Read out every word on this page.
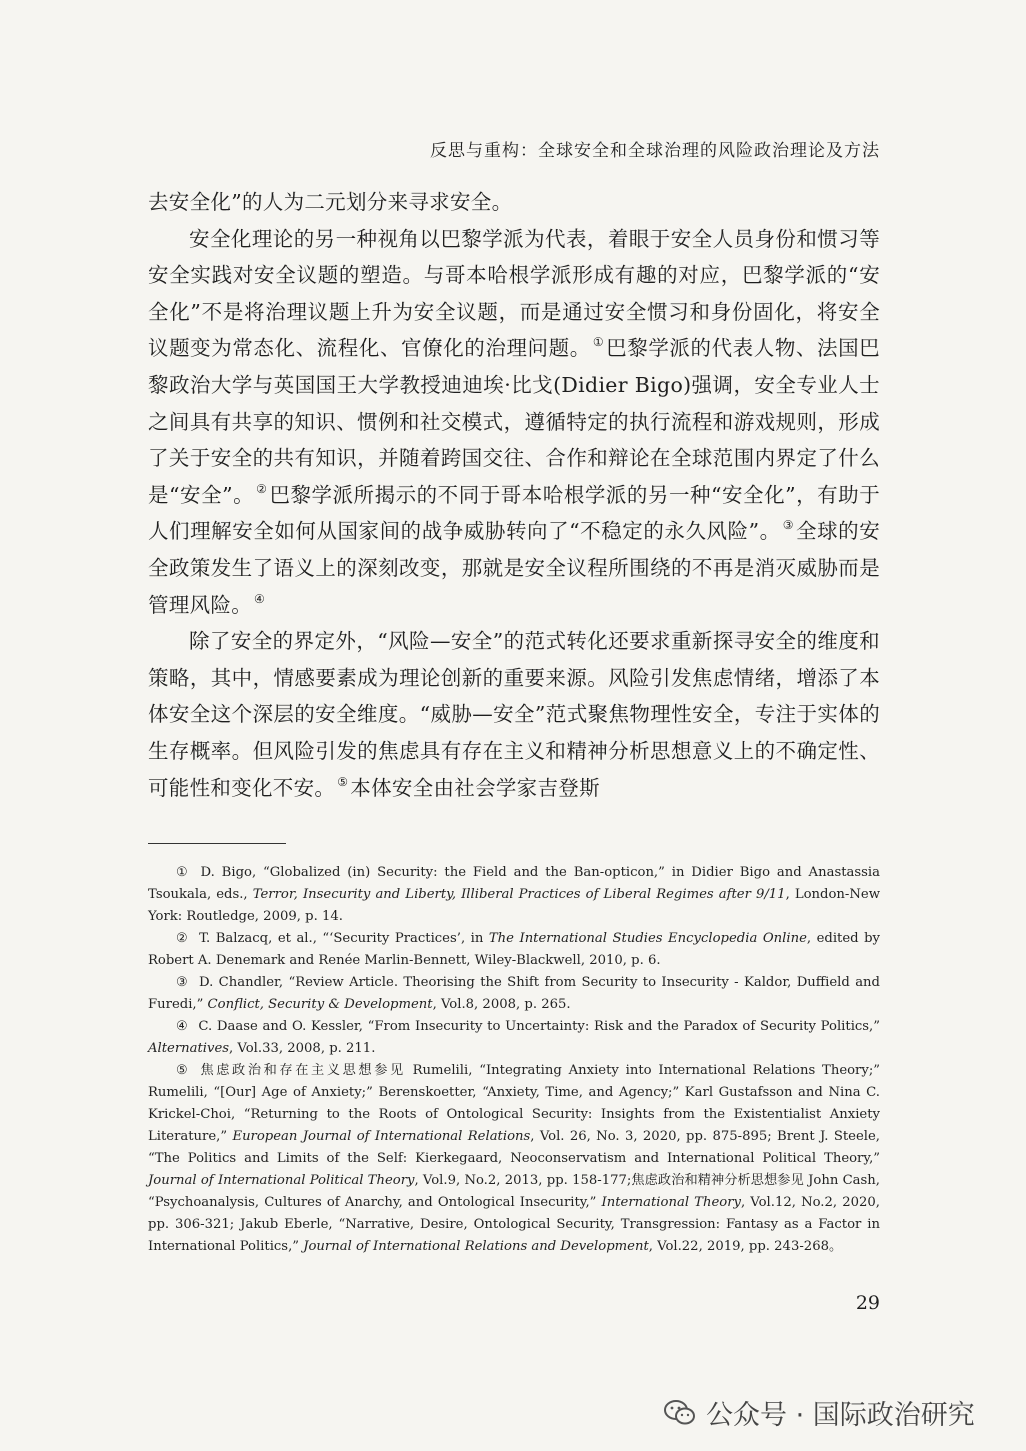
反思与重构：全球安全和全球治理的风险政治理论及方法

去安全化”的人为二元划分来寻求安全。

安全化理论的另一种视角以巴黎学派为代表，着眼于安全人员身份和惯习等安全实践对安全议题的塑造。与哥本哈根学派形成有趣的对应，巴黎学派的“安全化”不是将治理议题上升为安全议题，而是通过安全惯习和身份固化，将安全议题变为常态化、流程化、官僚化的治理问题。 ①巴黎学派的代表人物、法国巴黎政治大学与英国国王大学教授迪迪埃·比戈(Didier Bigo)强调，安全专业人士之间具有共享的知识、惯例和社交模式，遵循特定的执行流程和游戏规则，形成了关于安全的共有知识，并随着跨国交往、合作和辩论在全球范围内界定了什么是“安全”。 ②巴黎学派所揭示的不同于哥本哈根学派的另一种“安全化”，有助于人们理解安全如何从国家间的战争威胁转向了“不稳定的永久风险”。 ③全球的安全政策发生了语义上的深刻改变，那就是安全议程所围绕的不再是消灭威胁而是管理风险。 ④

除了安全的界定外，“风险—安全”的范式转化还要求重新探寻安全的维度和策略，其中，情感要素成为理论创新的重要来源。风险引发焦虑情绪，增添了本体安全这个深层的安全维度。“威胁—安全”范式聚焦物理性安全，专注于实体的生存概率。但风险引发的焦虑具有存在主义和精神分析思想意义上的不确定性、可能性和变化不安。 ⑤本体安全由社会学家吉登斯

① D. Bigo, “Globalized (in) Security: the Field and the Ban-opticon,” in Didier Bigo and Anastassia Tsoukala, eds., Terror, Insecurity and Liberty, Illiberal Practices of Liberal Regimes after 9/11, London-New York: Routledge, 2009, p. 14.

② T. Balzacq, et al., “‘Security Practices’, in The International Studies Encyclopedia Online, edited by Robert A. Denemark and Renée Marlin-Bennett, Wiley-Blackwell, 2010, p. 6.

③ D. Chandler, “Review Article. Theorising the Shift from Security to Insecurity - Kaldor, Duffield and Furedi,” Conflict, Security & Development, Vol.8, 2008, p. 265.

④ C. Daase and O. Kessler, “From Insecurity to Uncertainty: Risk and the Paradox of Security Politics,” Alternatives, Vol.33, 2008, p. 211.

⑤ 焦虑政治和存在主义思想参见 Rumelili, “Integrating Anxiety into International Relations Theory;” Rumelili, “[Our] Age of Anxiety;” Berenskoetter, “Anxiety, Time, and Agency;” Karl Gustafsson and Nina C. Krickel-Choi, “Returning to the Roots of Ontological Security: Insights from the Existentialist Anxiety Literature,” European Journal of International Relations, Vol. 26, No. 3, 2020, pp. 875-895; Brent J. Steele, “The Politics and Limits of the Self: Kierkegaard, Neoconservatism and International Political Theory,” Journal of International Political Theory, Vol.9, No.2, 2013, pp. 158-177;焦虑政治和精神分析思想参见 John Cash, “Psychoanalysis, Cultures of Anarchy, and Ontological Insecurity,” International Theory, Vol.12, No.2, 2020, pp. 306-321; Jakub Eberle, “Narrative, Desire, Ontological Security, Transgression: Fantasy as a Factor in International Politics,” Journal of International Relations and Development, Vol.22, 2019, pp. 243-268。

29
公众号 · 国际政治研究
